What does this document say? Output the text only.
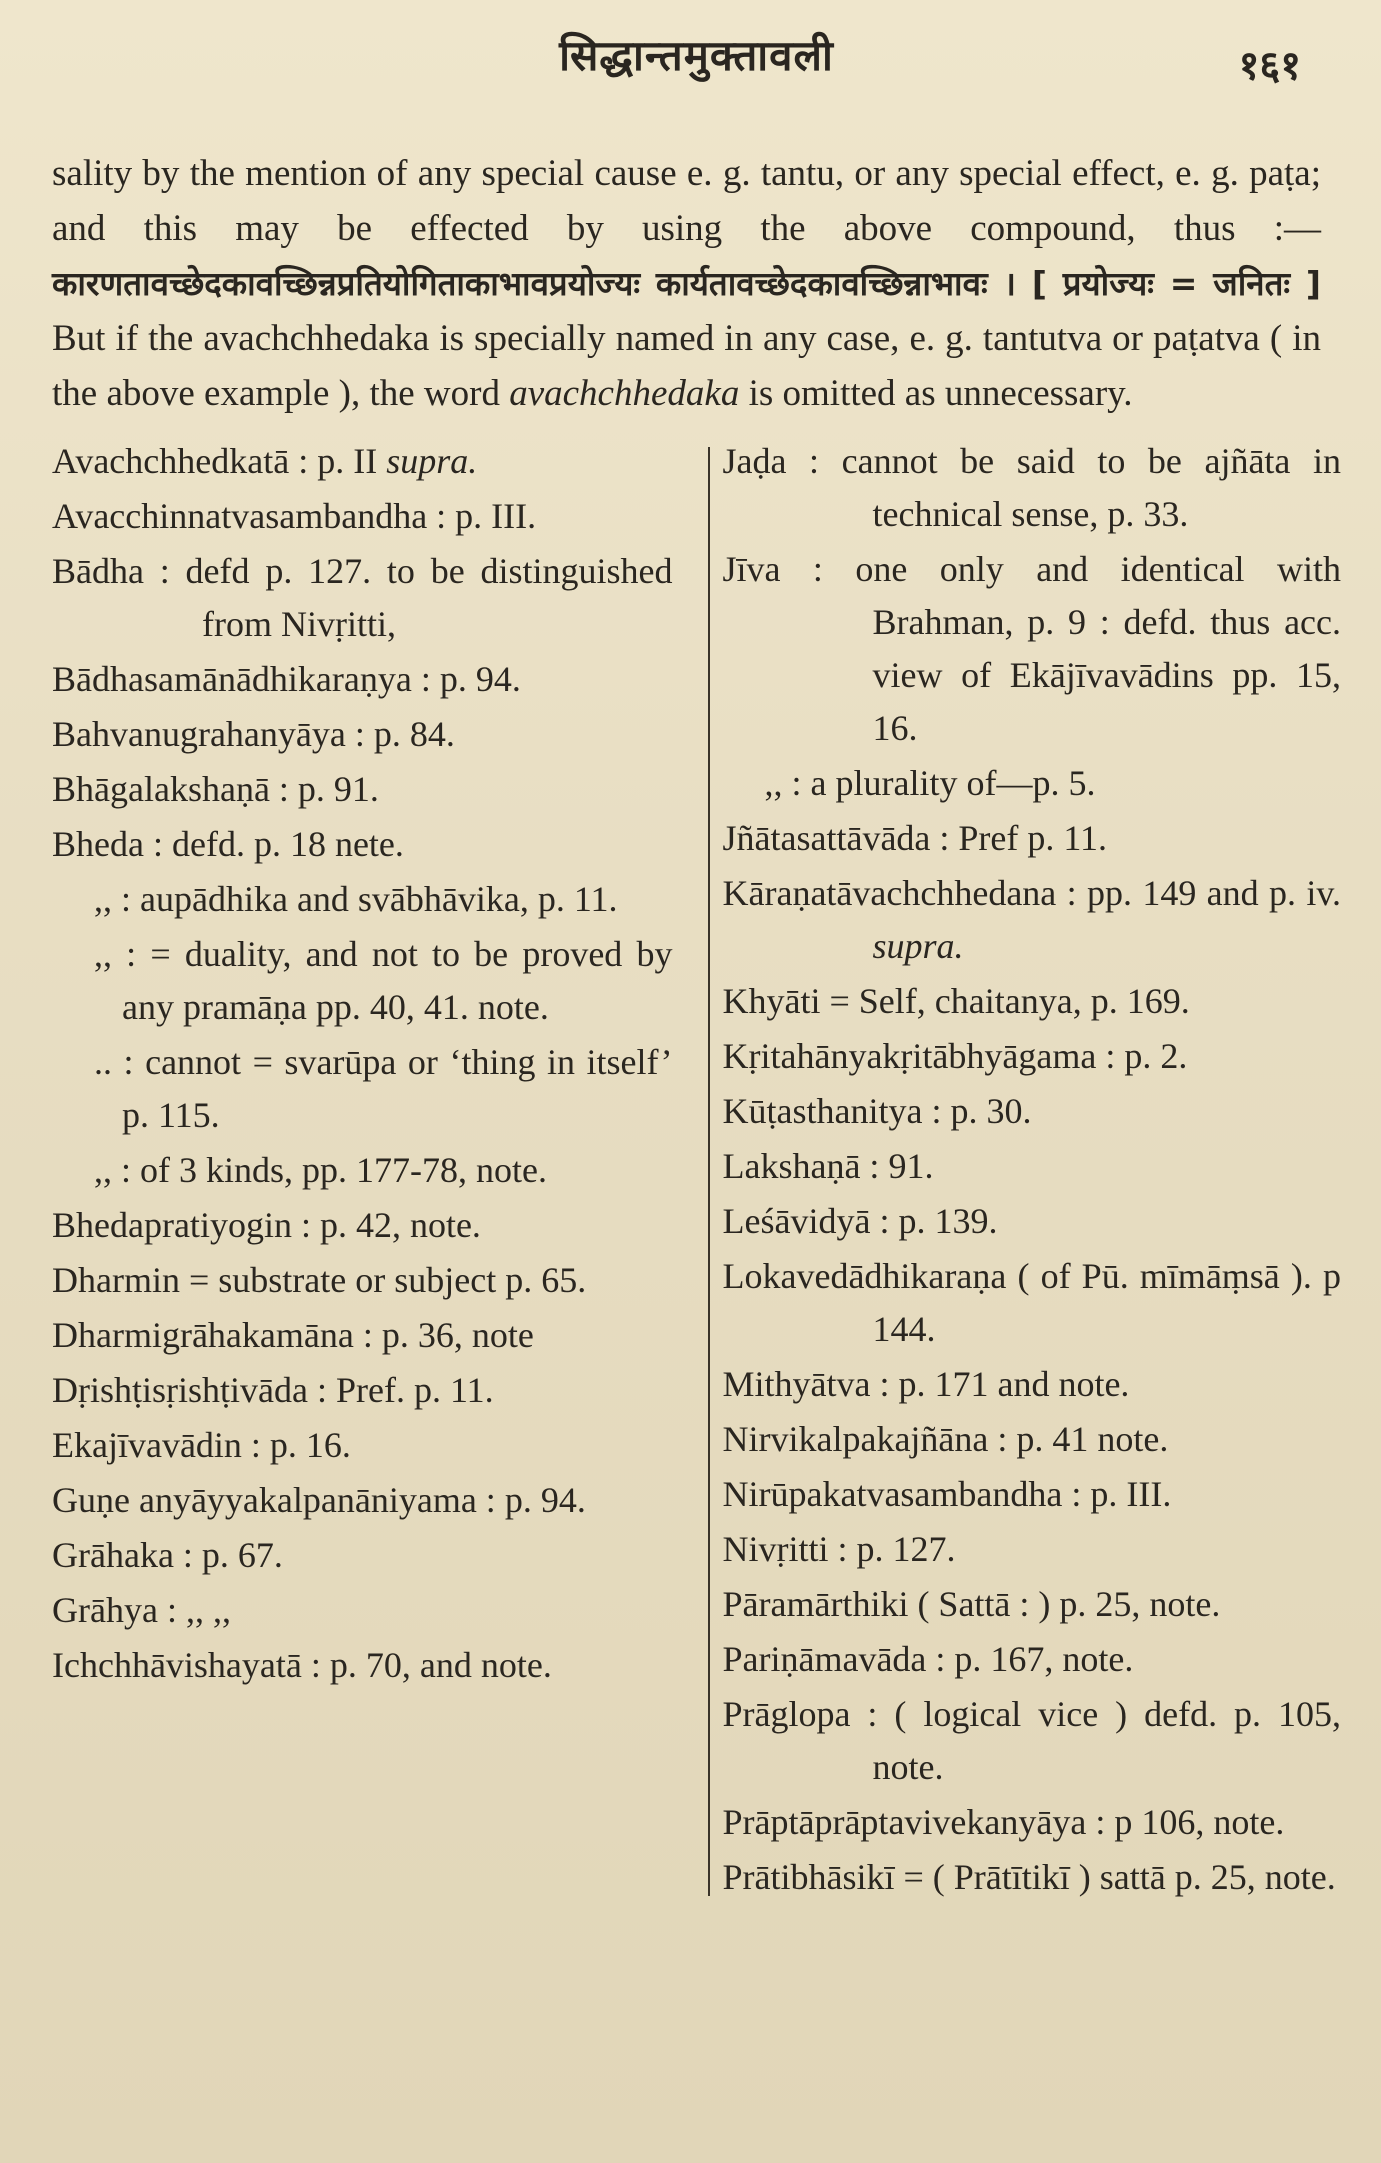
सिद्धान्तमुक्तावली	१६१

sality by the mention of any special cause e. g. tantu, or any special effect, e. g. paṭa; and this may be effected by using the above compound, thus :—कारणतावच्छेदकावच्छिन्नप्रतियोगिताकाभावप्रयोज्यः कार्यतावच्छेदकावच्छिन्नाभावः । [ प्रयोज्यः = जनितः ] But if the avachchhedaka is specially named in any case, e. g. tantutva or paṭatva ( in the above example ), the word avachchhedaka is omitted as unnecessary.

Avachchhedkatā : p. II supra.
Avacchinnatvasambandha : p. III.
Bādha : defd p. 127. to be distinguished from Nivṛitti,
Bādhasamānādhikaraṇya : p. 94.
Bahvanugrahanyāya : p. 84.
Bhāgalakshaṇā : p. 91.
Bheda : defd. p. 18 nete.
,, : aupādhika and svābhāvika, p. 11.
,, : = duality, and not to be proved by any pramāṇa pp. 40, 41. note.
.. : cannot = svarūpa or ‘thing in itself’ p. 115.
,, : of 3 kinds, pp. 177-78, note.
Bhedapratiyogin : p. 42, note.
Dharmin = substrate or subject p. 65.
Dharmigrāhakamāna : p. 36, note
Dṛishṭisṛishṭivāda : Pref. p. 11.
Ekajīvavādin : p. 16.
Guṇe anyāyyakalpanāniyama : p. 94.
Grāhaka : p. 67.
Grāhya : ,, ,,
Ichchhāvishayatā : p. 70, and note.
Jaḍa : cannot be said to be ajñāta in technical sense, p. 33.
Jīva : one only and identical with Brahman, p. 9 : defd. thus acc. view of Ekājīvavādins pp. 15, 16.
,, : a plurality of—p. 5.
Jñātasattāvāda : Pref p. 11.
Kāraṇatāvachchhedana : pp. 149 and p. iv. supra.
Khyāti = Self, chaitanya, p. 169.
Kṛitahānyakṛitābhyāgama : p. 2.
Kūṭasthanitya : p. 30.
Lakshaṇā : 91.
Leśāvidyā : p. 139.
Lokavedādhikaraṇa ( of Pū. mīmāṃsā ). p 144.
Mithyātva : p. 171 and note.
Nirvikalpakajñāna : p. 41 note.
Nirūpakatvasambandha : p. III.
Nivṛitti : p. 127.
Pāramārthiki ( Sattā : ) p. 25, note.
Pariṇāmavāda : p. 167, note.
Prāglopa : ( logical vice ) defd. p. 105, note.
Prāptāprāptavivekanyāya : p 106, note.
Prātibhāsikī = ( Prātītikī ) sattā p. 25, note.
